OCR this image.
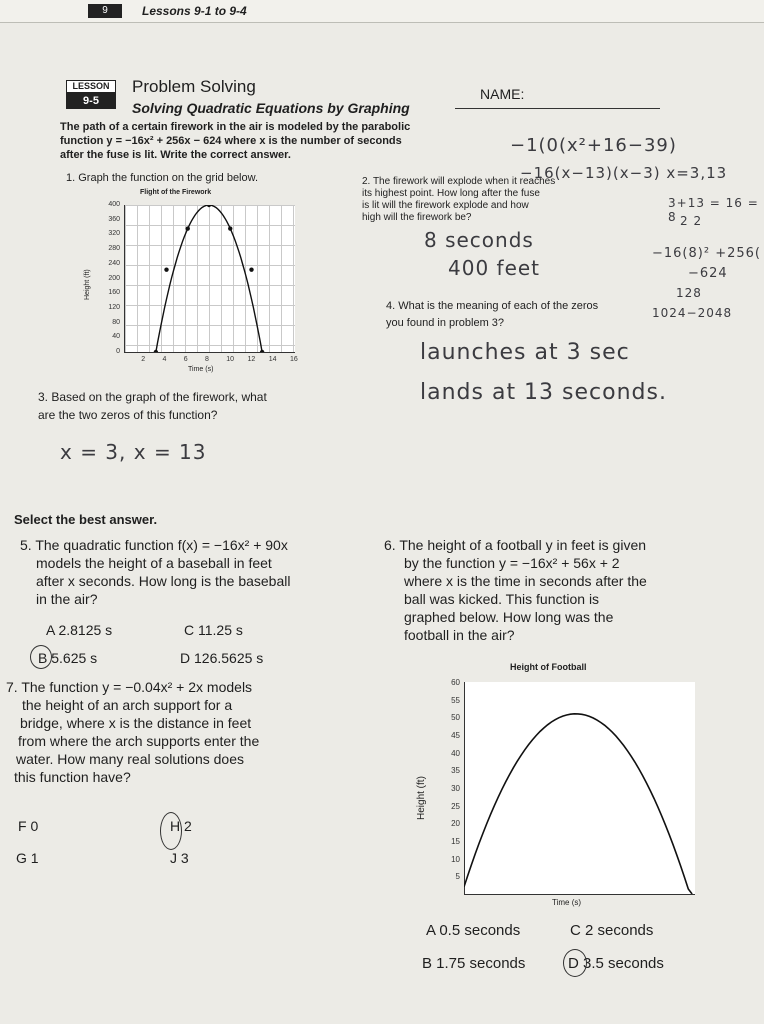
9	Lessons 9-1 to 9-4
LESSON
9-5
Problem Solving
Solving Quadratic Equations by Graphing
NAME:
The path of a certain firework in the air is modeled by the parabolic
function y = −16x² + 256x − 624 where x is the number of seconds
after the fuse is lit. Write the correct answer.
1. Graph the function on the grid below.
Flight of the Firework
400
360
320
280
240
200
160
120
80
40
0
2 4 6 8 10 12 14 16
Height (ft)
Time (s)
2. The firework will explode when it reaches
its highest point. How long after the fuse
is lit will the firework explode and how
high will the firework be?
−1(0(x²+16−39)
−16(x−13)(x−3) x=3,13
3+13 = 16 = 8 2 2
8 seconds
400 feet
−16(8)² +256(
−624
128
1024−2048
4. What is the meaning of each of the zeros
you found in problem 3?
launches at 3 sec
lands at 13 seconds.
3. Based on the graph of the firework, what
are the two zeros of this function?
x = 3, x = 13
Select the best answer.
5. The quadratic function f(x) = −16x² + 90x
models the height of a baseball in feet
after x seconds. How long is the baseball
in the air?
A 2.8125 s	C 11.25 s
B 5.625 s	D 126.5625 s
7. The function y = −0.04x² + 2x models
the height of an arch support for a
bridge, where x is the distance in feet
from where the arch supports enter the
water. How many real solutions does
this function have?
F 0	H 2
G 1	J 3
6. The height of a football y in feet is given
by the function y = −16x² + 56x + 2
where x is the time in seconds after the
ball was kicked. This function is
graphed below. How long was the
football in the air?
Height of Football
60
55
50
45
40
35
30
25
20
15
10
5
Height (ft)
Time (s)
A 0.5 seconds	C 2 seconds
B 1.75 seconds	D 3.5 seconds
